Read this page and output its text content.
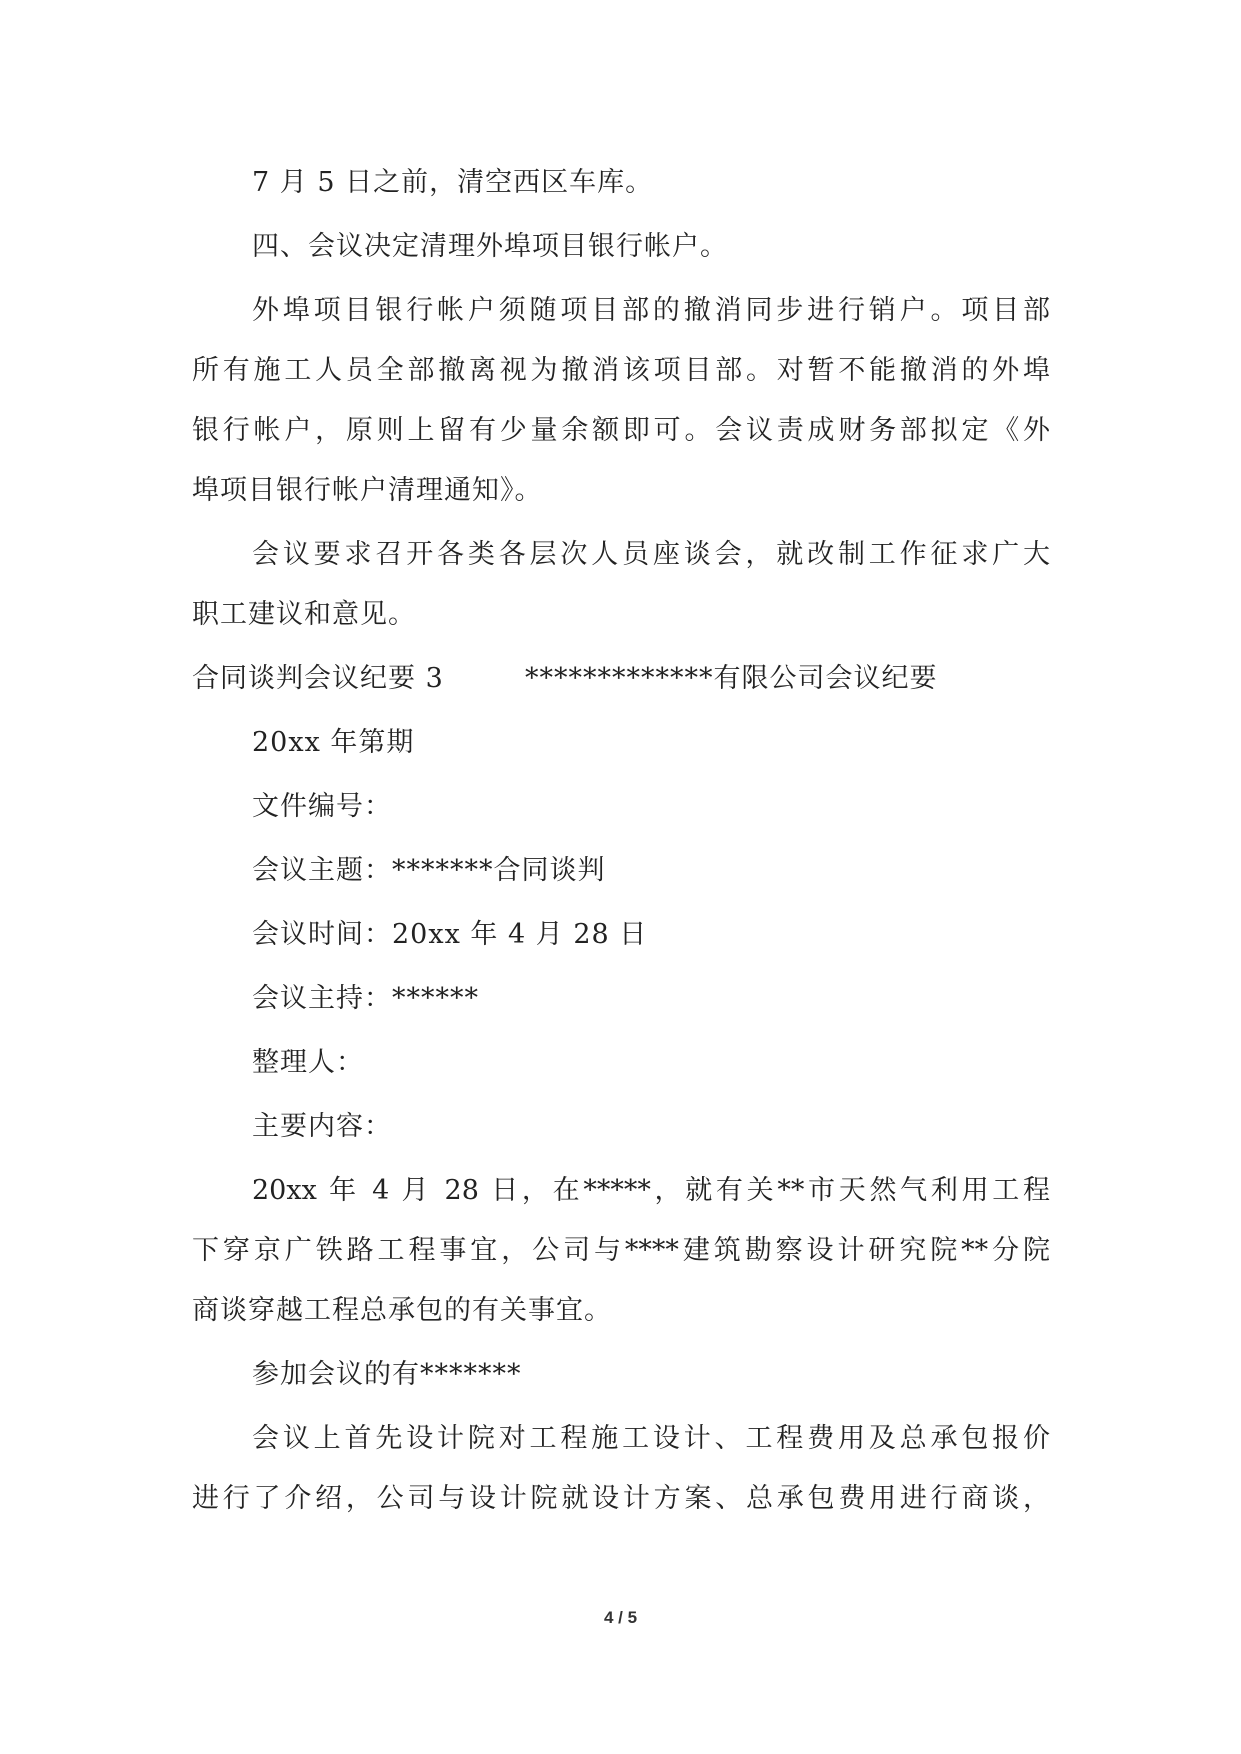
7 月 5 日之前，清空西区车库。
四、会议决定清理外埠项目银行帐户。
外埠项目银行帐户须随项目部的撤消同步进行销户。项目部
所有施工人员全部撤离视为撤消该项目部。对暂不能撤消的外埠
银行帐户，原则上留有少量余额即可。会议责成财务部拟定《外
埠项目银行帐户清理通知》。
会议要求召开各类各层次人员座谈会，就改制工作征求广大
职工建议和意见。
合同谈判会议纪要 3	*************有限公司会议纪要
20xx 年第期
文件编号：
会议主题：*******合同谈判
会议时间：20xx 年 4 月 28 日
会议主持：******
整理人：
主要内容：
20xx 年 4 月 28 日，在*****，就有关**市天然气利用工程
下穿京广铁路工程事宜，公司与****建筑勘察设计研究院**分院
商谈穿越工程总承包的有关事宜。
参加会议的有*******
会议上首先设计院对工程施工设计、工程费用及总承包报价
进行了介绍，公司与设计院就设计方案、总承包费用进行商谈，
4 / 5
